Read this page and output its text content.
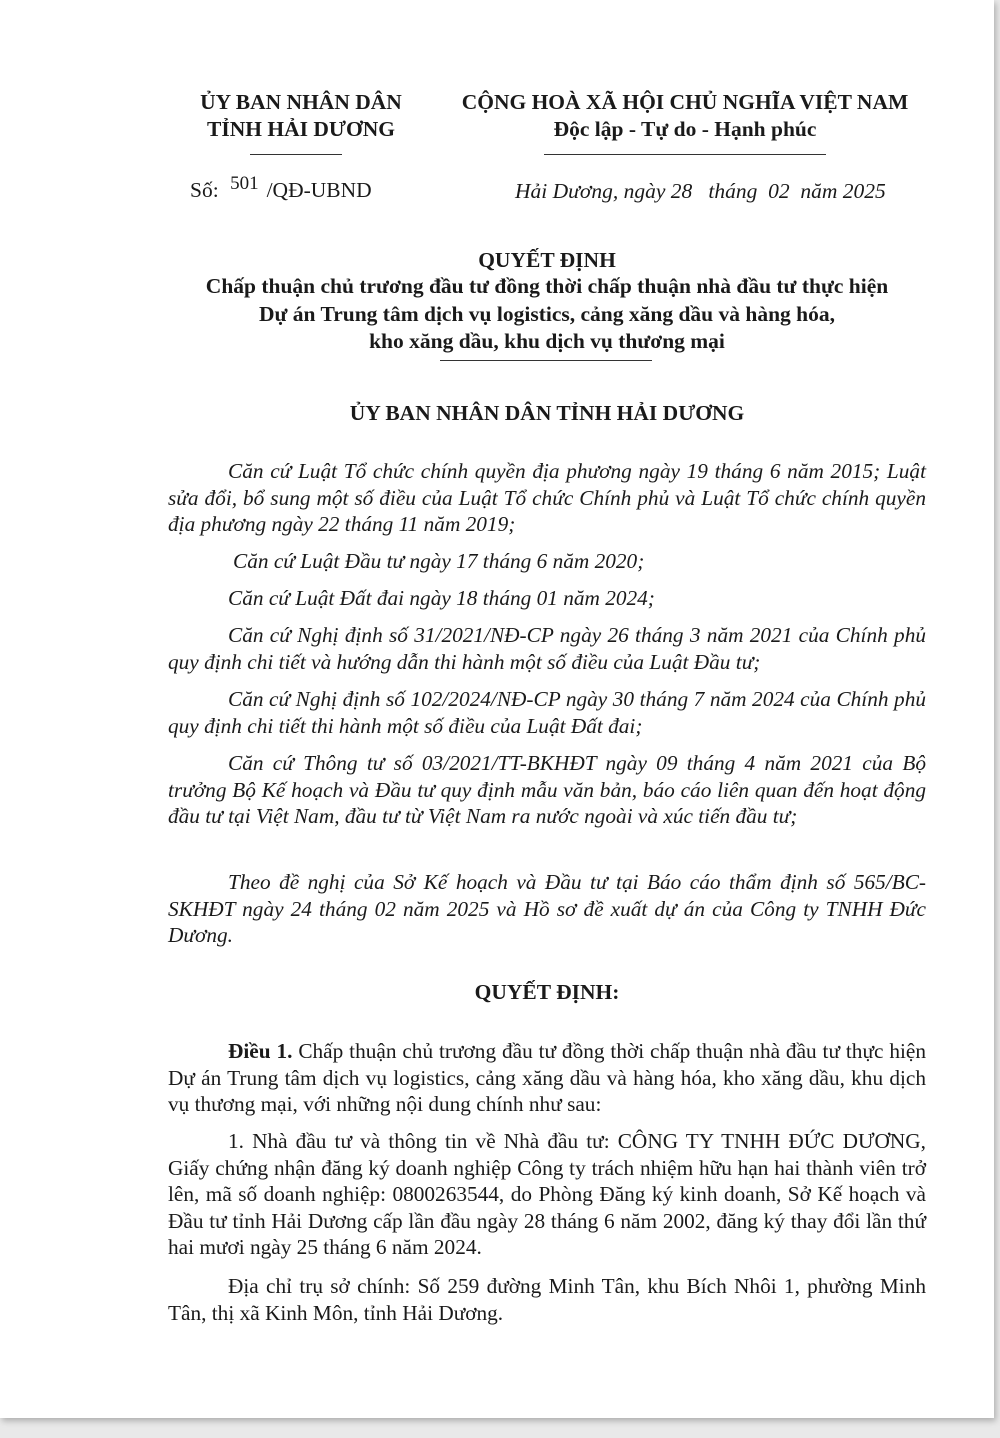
ỦY BAN NHÂN DÂN
TỈNH HẢI DƯƠNG
CỘNG HOÀ XÃ HỘI CHỦ NGHĨA VIỆT NAM
Độc lập - Tự do - Hạnh phúc
Số: 501 /QĐ-UBND	Hải Dương, ngày 28   tháng  02  năm 2025
QUYẾT ĐỊNH
Chấp thuận chủ trương đầu tư đồng thời chấp thuận nhà đầu tư thực hiện
Dự án Trung tâm dịch vụ logistics, cảng xăng dầu và hàng hóa,
kho xăng dầu, khu dịch vụ thương mại
ỦY BAN NHÂN DÂN TỈNH HẢI DƯƠNG
Căn cứ Luật Tổ chức chính quyền địa phương ngày 19 tháng 6 năm 2015; Luật sửa đổi, bổ sung một số điều của Luật Tổ chức Chính phủ và Luật Tổ chức chính quyền địa phương ngày 22 tháng 11 năm 2019;
Căn cứ Luật Đầu tư ngày 17 tháng 6 năm 2020;
Căn cứ Luật Đất đai ngày 18 tháng 01 năm 2024;
Căn cứ Nghị định số 31/2021/NĐ-CP ngày 26 tháng 3 năm 2021 của Chính phủ quy định chi tiết và hướng dẫn thi hành một số điều của Luật Đầu tư;
Căn cứ Nghị định số 102/2024/NĐ-CP ngày 30 tháng 7 năm 2024 của Chính phủ quy định chi tiết thi hành một số điều của Luật Đất đai;
Căn cứ Thông tư số 03/2021/TT-BKHĐT ngày 09 tháng 4 năm 2021 của Bộ trưởng Bộ Kế hoạch và Đầu tư quy định mẫu văn bản, báo cáo liên quan đến hoạt động đầu tư tại Việt Nam, đầu tư từ Việt Nam ra nước ngoài và xúc tiến đầu tư;
Theo đề nghị của Sở Kế hoạch và Đầu tư tại Báo cáo thẩm định số 565/BC-SKHĐT ngày 24 tháng 02 năm 2025 và Hồ sơ đề xuất dự án của Công ty TNHH Đức Dương.
QUYẾT ĐỊNH:
Điều 1. Chấp thuận chủ trương đầu tư đồng thời chấp thuận nhà đầu tư thực hiện Dự án Trung tâm dịch vụ logistics, cảng xăng dầu và hàng hóa, kho xăng dầu, khu dịch vụ thương mại, với những nội dung chính như sau:
1. Nhà đầu tư và thông tin về Nhà đầu tư: CÔNG TY TNHH ĐỨC DƯƠNG, Giấy chứng nhận đăng ký doanh nghiệp Công ty trách nhiệm hữu hạn hai thành viên trở lên, mã số doanh nghiệp: 0800263544, do Phòng Đăng ký kinh doanh, Sở Kế hoạch và Đầu tư tỉnh Hải Dương cấp lần đầu ngày 28 tháng 6 năm 2002, đăng ký thay đổi lần thứ hai mươi ngày 25 tháng 6 năm 2024.
Địa chỉ trụ sở chính: Số 259 đường Minh Tân, khu Bích Nhôi 1, phường Minh Tân, thị xã Kinh Môn, tỉnh Hải Dương.
